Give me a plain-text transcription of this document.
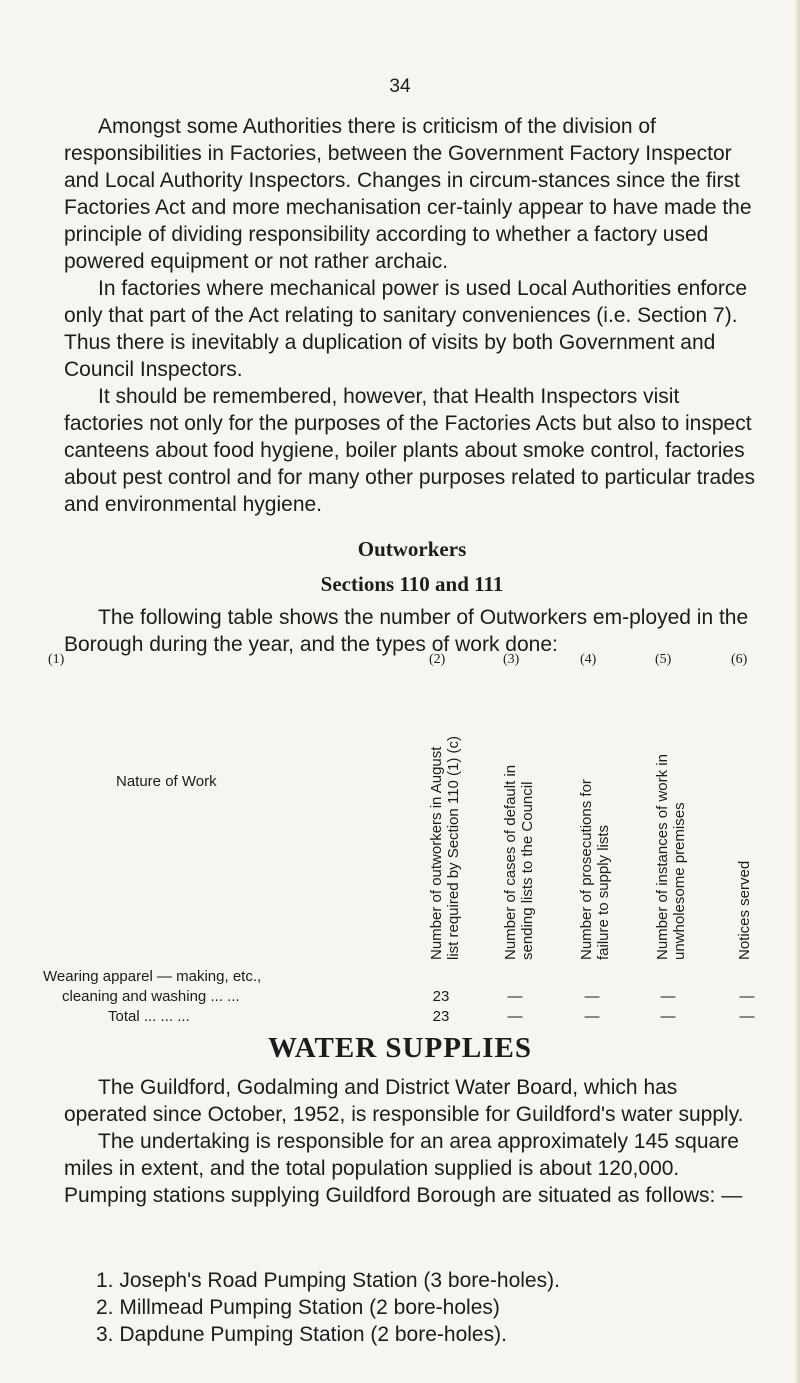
34

Amongst some Authorities there is criticism of the division of responsibilities in Factories, between the Government Factory Inspector and Local Authority Inspectors. Changes in circum-stances since the first Factories Act and more mechanisation cer-tainly appear to have made the principle of dividing responsibility according to whether a factory used powered equipment or not rather archaic.

In factories where mechanical power is used Local Authorities enforce only that part of the Act relating to sanitary conveniences (i.e. Section 7). Thus there is inevitably a duplication of visits by both Government and Council Inspectors.

It should be remembered, however, that Health Inspectors visit factories not only for the purposes of the Factories Acts but also to inspect canteens about food hygiene, boiler plants about smoke control, factories about pest control and for many other purposes related to particular trades and environmental hygiene.

Outworkers
Sections 110 and 111
The following table shows the number of Outworkers em-ployed in the Borough during the year, and the types of work done:
(1)	(2)	(3)	(4)	(5)	(6)
Nature of Work
Number of outworkers in August
list required by Section 110 (1) (c)
Number of cases of default in
sending lists to the Council
Number of prosecutions for
failure to supply lists
Number of instances of work in
unwholesome premises
Notices served
Wearing apparel — making, etc.,
cleaning and washing ... ...	23	—	—	—	—
Total ... ... ...	23	—	—	—	—
WATER SUPPLIES

The Guildford, Godalming and District Water Board, which has operated since October, 1952, is responsible for Guildford's water supply.

The undertaking is responsible for an area approximately 145 square miles in extent, and the total population supplied is about 120,000. Pumping stations supplying Guildford Borough are situated as follows: —

1. Joseph's Road Pumping Station (3 bore-holes).
2. Millmead Pumping Station (2 bore-holes)
3. Dapdune Pumping Station (2 bore-holes).
